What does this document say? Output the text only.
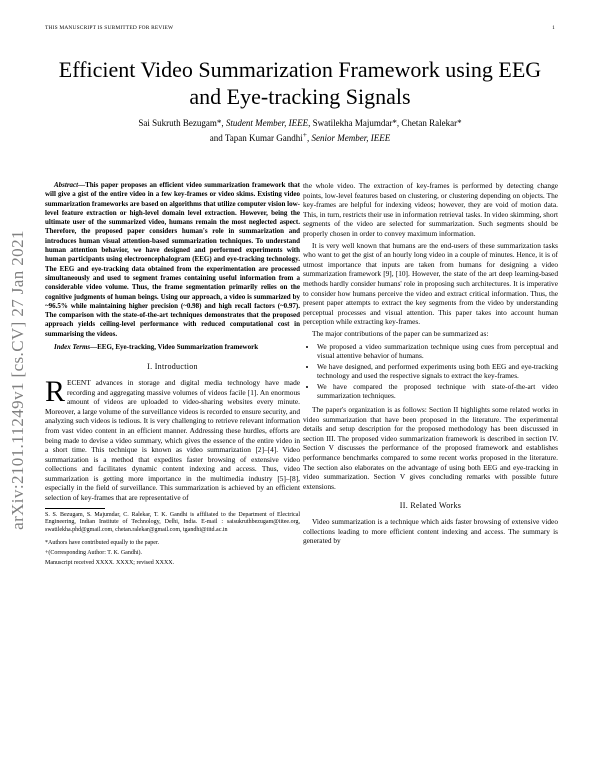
THIS MANUSCRIPT IS SUBMITTED FOR REVIEW	1
arXiv:2101.11249v1 [cs.CV] 27 Jan 2021
Efficient Video Summarization Framework using EEG and Eye-tracking Signals
Sai Sukruth Bezugam*, Student Member, IEEE, Swatilekha Majumdar*, Chetan Ralekar*
and Tapan Kumar Gandhi+, Senior Member, IEEE

Abstract—This paper proposes an efficient video summarization framework that will give a gist of the entire video in a few key-frames or video skims. Existing video summarization frameworks are based on algorithms that utilize computer vision low-level feature extraction or high-level domain level extraction. However, being the ultimate user of the summarized video, humans remain the most neglected aspect. Therefore, the proposed paper considers human's role in summarization and introduces human visual attention-based summarization techniques. To understand human attention behavior, we have designed and performed experiments with human participants using electroencephalogram (EEG) and eye-tracking technology. The EEG and eye-tracking data obtained from the experimentation are processed simultaneously and used to segment frames containing useful information from a considerable video volume. Thus, the frame segmentation primarily relies on the cognitive judgments of human beings. Using our approach, a video is summarized by ~96.5% while maintaining higher precision (~0.98) and high recall factors (~0.97). The comparison with the state-of-the-art techniques demonstrates that the proposed approach yields ceiling-level performance with reduced computational cost in summarising the videos.

Index Terms—EEG, Eye-tracking, Video Summarization framework

I. Introduction

RECENT advances in storage and digital media technology have made recording and aggregating massive volumes of videos facile [1]. An enormous amount of videos are uploaded to video-sharing websites every minute. Moreover, a large volume of the surveillance videos is recorded to ensure security, and analyzing such videos is tedious. It is very challenging to retrieve relevant information from vast video content in an efficient manner. Addressing these hurdles, efforts are being made to devise a video summary, which gives the essence of the entire video in a short time. This technique is known as video summarization [2]–[4]. Video summarization is a method that expedites faster browsing of extensive video collections and facilitates dynamic content indexing and access. Thus, video summarization is getting more importance in the multimedia industry [5]–[8], especially in the field of surveillance. This summarization is achieved by an efficient selection of key-frames that are representative of

S. S. Bezugam, S. Majumdar, C. Ralekar, T. K. Gandhi is affiliated to the Department of Electrical Engineering, Indian Institute of Technology, Delhi, India. E-mail : saisukruthbezugam@iitee.org, swatilekha.phd@gmail.com, chetan.ralekar@gmail.com, tgandhi@iitd.ac.in

*Authors have contributed equally to the paper.

+(Corresponding Author: T. K. Gandhi).

Manuscript received XXXX. XXXX; revised XXXX.

the whole video. The extraction of key-frames is performed by detecting change points, low-level features based on clustering, or clustering depending on objects. The key-frames are helpful for indexing videos; however, they are void of motion data. This, in turn, restricts their use in information retrieval tasks. In video skimming, short segments of the video are selected for summarization. Such segments should be properly chosen in order to convey maximum information.

It is very well known that humans are the end-users of these summarization tasks who want to get the gist of an hourly long video in a couple of minutes. Hence, it is of utmost importance that inputs are taken from humans for designing a video summarization framework [9], [10]. However, the state of the art deep learning-based methods hardly consider humans' role in proposing such architectures. It is imperative to consider how humans perceive the video and extract critical information. Thus, the present paper attempts to extract the key segments from the video by understanding perceptual processes and visual attention. This paper takes into account human perception while extracting key-frames.

The major contributions of the paper can be summarized as:

• We proposed a video summarization technique using cues from perceptual and visual attentive behavior of humans.
• We have designed, and performed experiments using both EEG and eye-tracking technology and used the respective signals to extract the key-frames.
• We have compared the proposed technique with state-of-the-art video summarization techniques.

The paper's organization is as follows: Section II highlights some related works in video summarization that have been proposed in the literature. The experimental details and setup description for the proposed methodology has been discussed in section III. The proposed video summarization framework is described in section IV. Section V discusses the performance of the proposed framework and establishes performance benchmarks compared to some recent works proposed in the literature. The section also elaborates on the advantage of using both EEG and eye-tracking in video summarization. Section V gives concluding remarks with possible future extensions.

II. Related Works

Video summarization is a technique which aids faster browsing of extensive video collections leading to more efficient content indexing and access. The summary is generated by
